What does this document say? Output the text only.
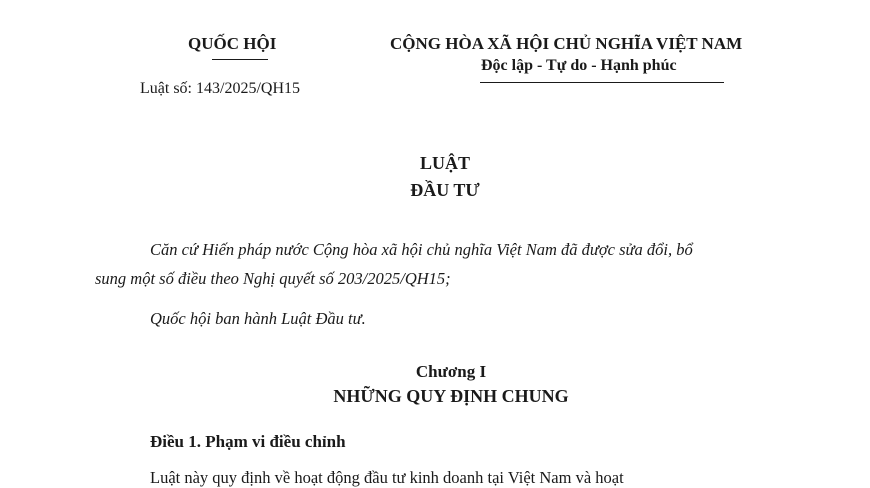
QUỐC HỘI
Luật số: 143/2025/QH15
CỘNG HÒA XÃ HỘI CHỦ NGHĨA VIỆT NAM
Độc lập - Tự do - Hạnh phúc
LUẬT
ĐẦU TƯ
Căn cứ Hiến pháp nước Cộng hòa xã hội chủ nghĩa Việt Nam đã được sửa đổi, bổ
sung một số điều theo Nghị quyết số 203/2025/QH15;
Quốc hội ban hành Luật Đầu tư.
Chương I
NHỮNG QUY ĐỊNH CHUNG
Điều 1. Phạm vi điều chỉnh
Luật này quy định về hoạt động đầu tư kinh doanh tại Việt Nam và hoạt
